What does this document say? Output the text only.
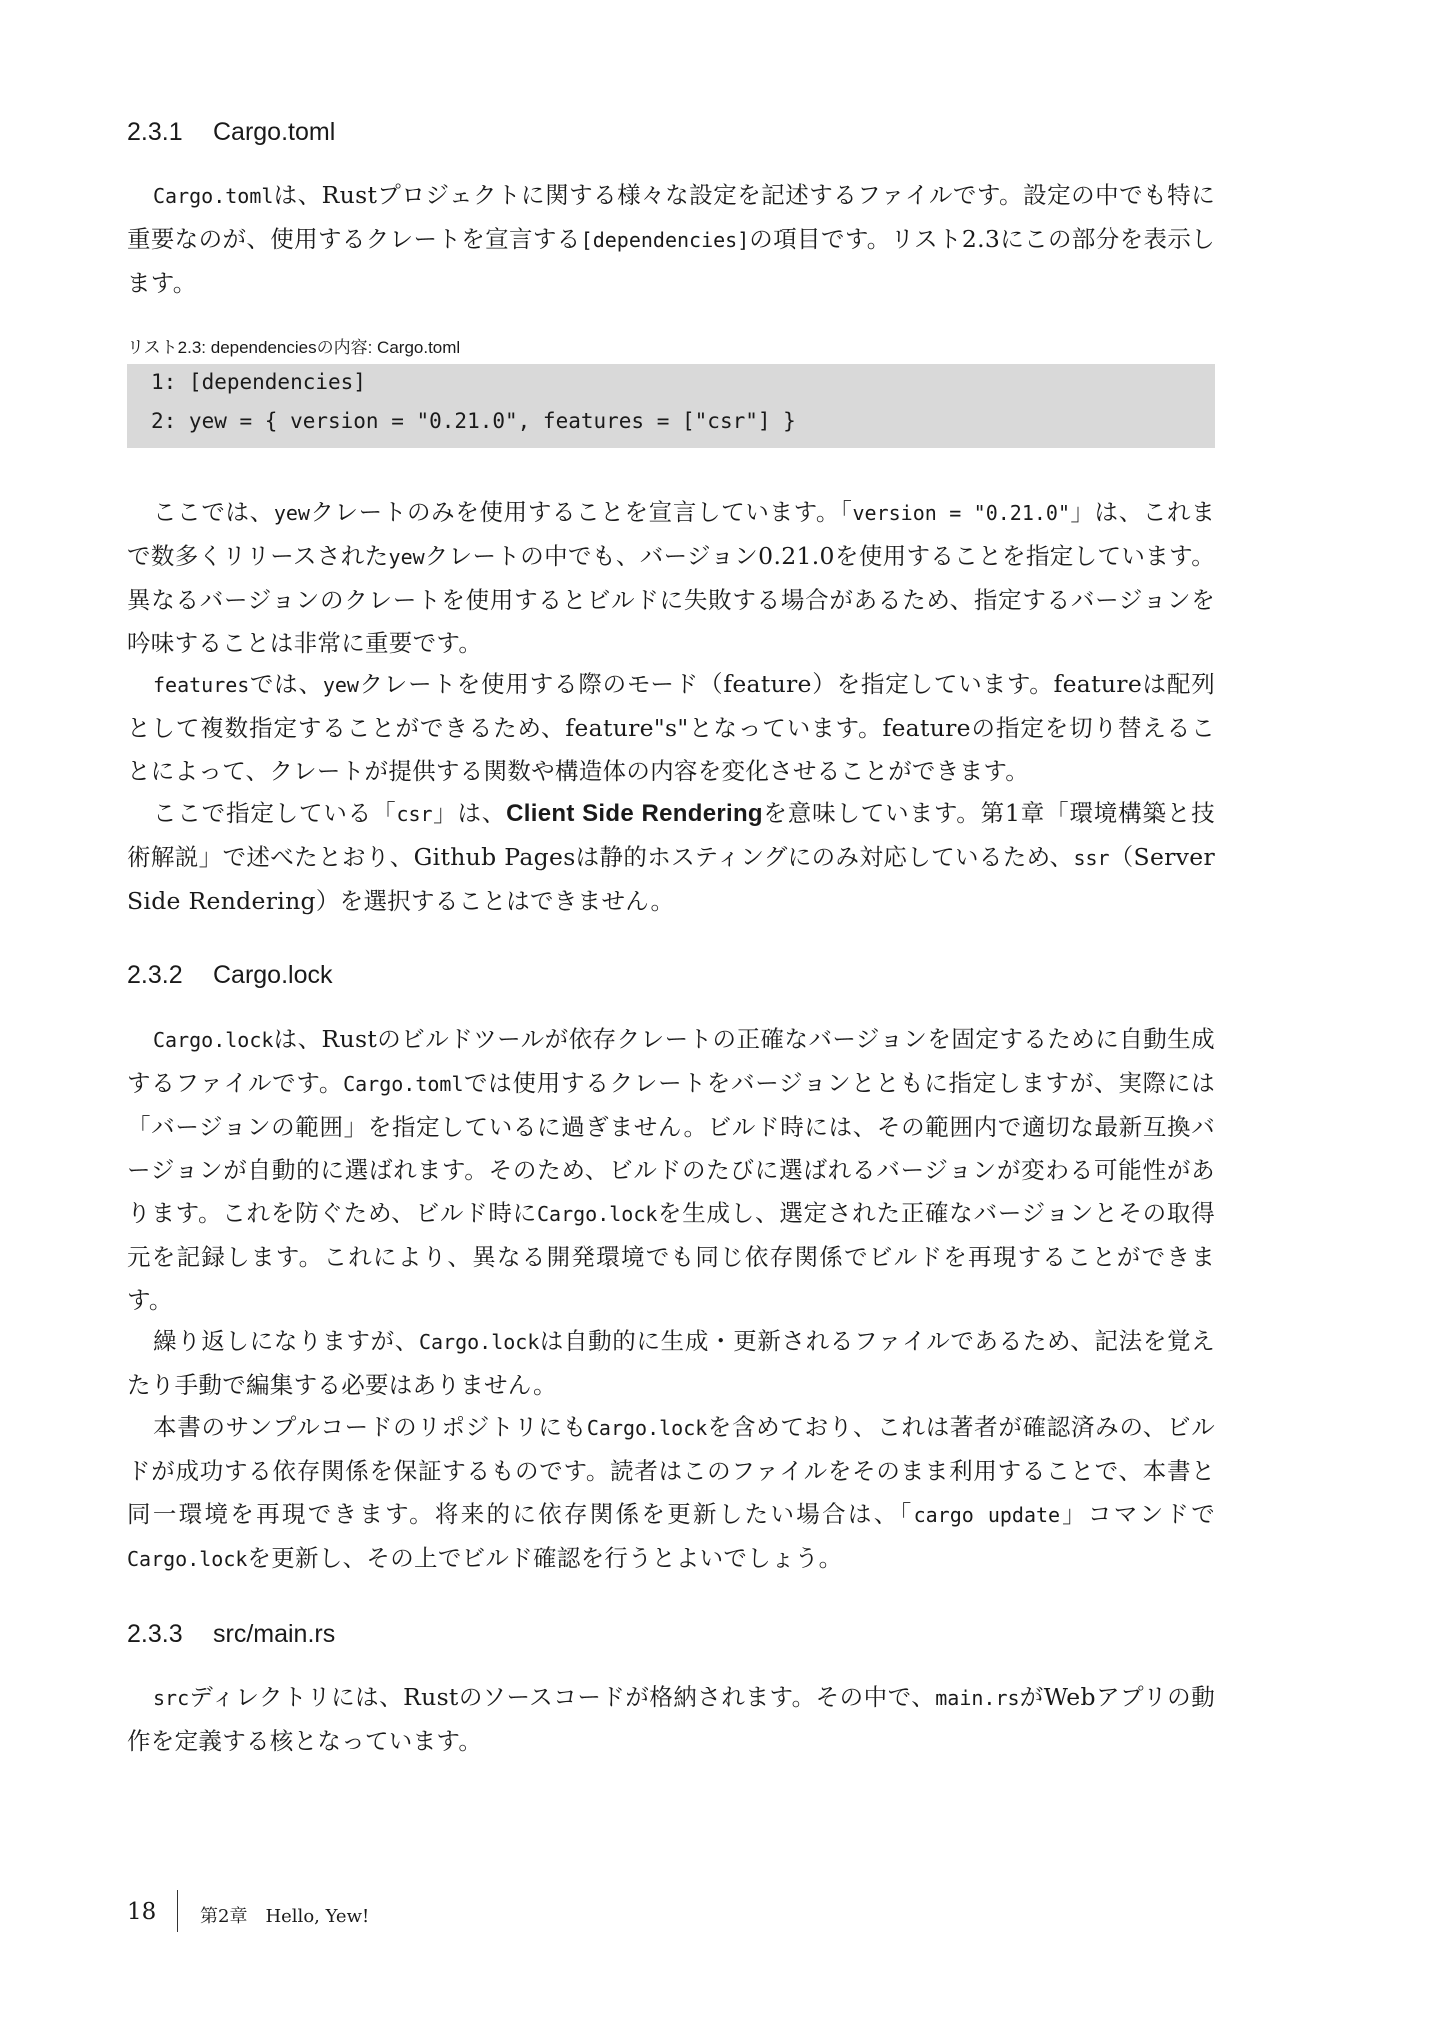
2.3.1 Cargo.toml

Cargo.tomlは、Rustプロジェクトに関する様々な設定を記述するファイルです。設定の中でも特に重要なのが、使用するクレートを宣言する[dependencies]の項目です。リスト2.3にこの部分を表示します。

リスト2.3: dependenciesの内容: Cargo.toml
1: [dependencies]
2: yew = { version = "0.21.0", features = ["csr"] }

ここでは、yewクレートのみを使用することを宣言しています。「version = "0.21.0"」は、これまで数多くリリースされたyewクレートの中でも、バージョン0.21.0を使用することを指定しています。異なるバージョンのクレートを使用するとビルドに失敗する場合があるため、指定するバージョンを吟味することは非常に重要です。

featuresでは、yewクレートを使用する際のモード（feature）を指定しています。featureは配列として複数指定することができるため、feature"s"となっています。featureの指定を切り替えることによって、クレートが提供する関数や構造体の内容を変化させることができます。

ここで指定している「csr」は、Client Side Renderingを意味しています。第1章「環境構築と技術解説」で述べたとおり、Github Pagesは静的ホスティングにのみ対応しているため、ssr（Server Side Rendering）を選択することはできません。

2.3.2 Cargo.lock

Cargo.lockは、Rustのビルドツールが依存クレートの正確なバージョンを固定するために自動生成するファイルです。Cargo.tomlでは使用するクレートをバージョンとともに指定しますが、実際には「バージョンの範囲」を指定しているに過ぎません。ビルド時には、その範囲内で適切な最新互換バージョンが自動的に選ばれます。そのため、ビルドのたびに選ばれるバージョンが変わる可能性があります。これを防ぐため、ビルド時にCargo.lockを生成し、選定された正確なバージョンとその取得元を記録します。これにより、異なる開発環境でも同じ依存関係でビルドを再現することができます。

繰り返しになりますが、Cargo.lockは自動的に生成・更新されるファイルであるため、記法を覚えたり手動で編集する必要はありません。

本書のサンプルコードのリポジトリにもCargo.lockを含めており、これは著者が確認済みの、ビルドが成功する依存関係を保証するものです。読者はこのファイルをそのまま利用することで、本書と同一環境を再現できます。将来的に依存関係を更新したい場合は、「cargo update」コマンドでCargo.lockを更新し、その上でビルド確認を行うとよいでしょう。

2.3.3 src/main.rs

srcディレクトリには、Rustのソースコードが格納されます。その中で、main.rsがWebアプリの動作を定義する核となっています。

18 第2章 Hello, Yew!
